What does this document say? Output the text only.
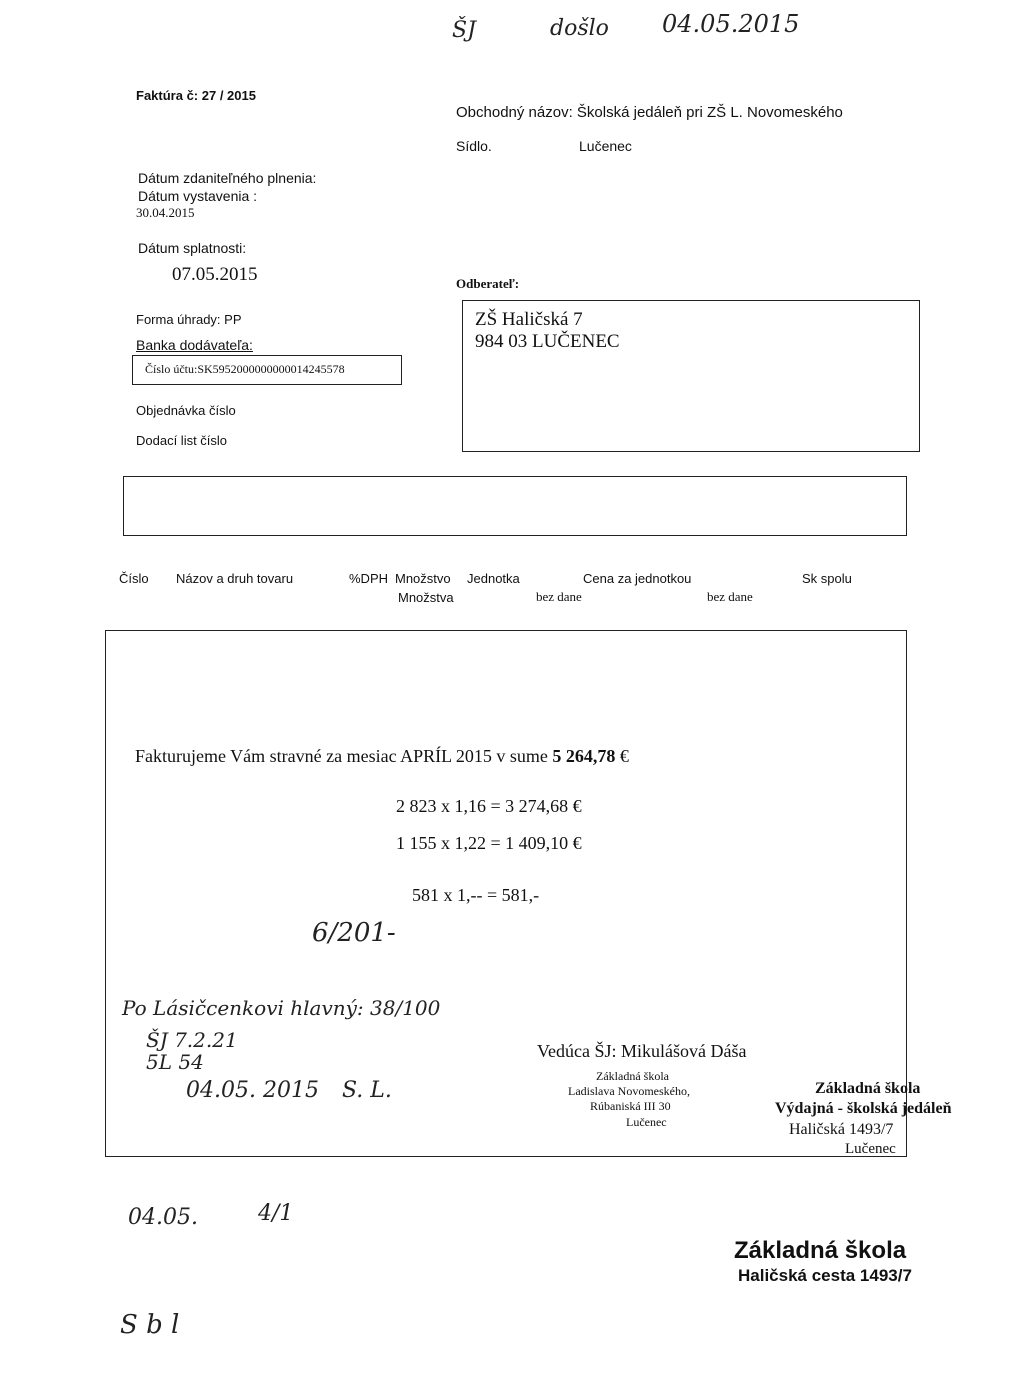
ŠJ	došlo 04.05.2015
Faktúra č: 27 / 2015
Obchodný názov: Školská jedáleň pri ZŠ L. Novomeského
Sídlo.	Lučenec
Dátum zdaniteľného plnenia:
Dátum vystavenia :
30.04.2015
Dátum splatnosti:
07.05.2015	Odberateľ:
ZŠ Haličská 7
984 03 LUČENEC
Forma úhrady: PP
Banka dodávateľa:
Číslo účtu:SK5952000000000014245578
Objednávka číslo
Dodací list číslo
Číslo Názov a druh tovaru	%DPH Množstvo Jednotka	Cena za jednotkou	Sk spolu
Množstva	bez dane	bez dane
Fakturujeme Vám stravné za mesiac APRÍL 2015 v sume 5 264,78 €
2 823 x 1,16 = 3 274,68 €
1 155 x 1,22 = 1 409,10 €
581 x 1,-- = 581,-
6/201-
Po Lásičcenkovi hlavný: 38/100
ŠJ 7.2.21
5L 54
04.05. 2015 S. L.
Vedúca ŠJ: Mikulášová Dáša
Základná škola
Ladislava Novomeského,
Rúbaniská III 30
Lučenec
Základná škola
Výdajná - školská jedáleň
Haličská 1493/7
Lučenec
04.05.	4/1
S b l
Základná škola
Haličská cesta 1493/7
